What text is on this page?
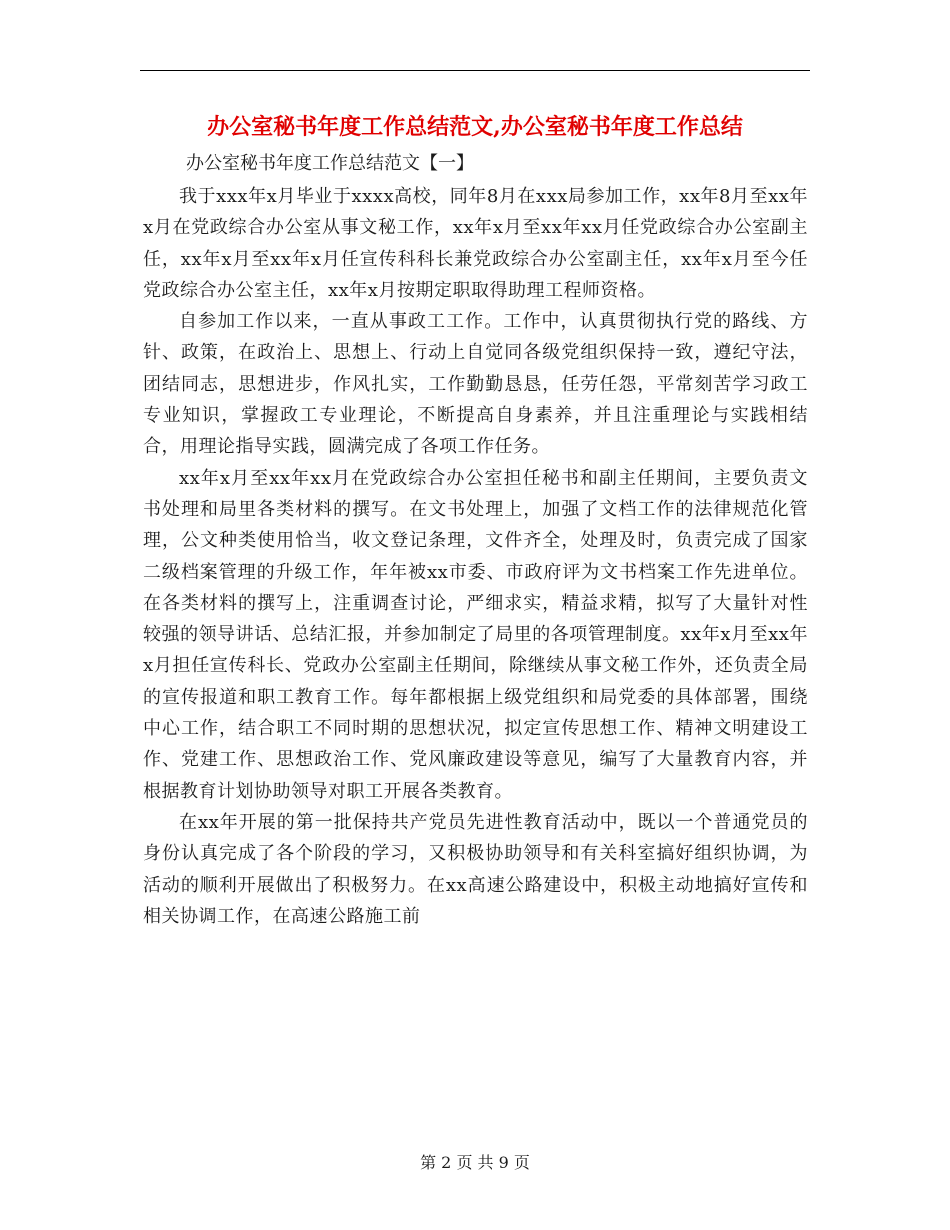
办公室秘书年度工作总结范文,办公室秘书年度工作总结
办公室秘书年度工作总结范文【一】

我于xxx年x月毕业于xxxx高校，同年8月在xxx局参加工作，xx年8月至xx年x月在党政综合办公室从事文秘工作，xx年x月至xx年xx月任党政综合办公室副主任，xx年x月至xx年x月任宣传科科长兼党政综合办公室副主任，xx年x月至今任党政综合办公室主任，xx年x月按期定职取得助理工程师资格。

自参加工作以来，一直从事政工工作。工作中，认真贯彻执行党的路线、方针、政策，在政治上、思想上、行动上自觉同各级党组织保持一致，遵纪守法，团结同志，思想进步，作风扎实，工作勤勤恳恳，任劳任怨，平常刻苦学习政工专业知识，掌握政工专业理论，不断提高自身素养，并且注重理论与实践相结合，用理论指导实践，圆满完成了各项工作任务。

xx年x月至xx年xx月在党政综合办公室担任秘书和副主任期间，主要负责文书处理和局里各类材料的撰写。在文书处理上，加强了文档工作的法律规范化管理，公文种类使用恰当，收文登记条理，文件齐全，处理及时，负责完成了国家二级档案管理的升级工作，年年被xx市委、市政府评为文书档案工作先进单位。在各类材料的撰写上，注重调查讨论，严细求实，精益求精，拟写了大量针对性较强的领导讲话、总结汇报，并参加制定了局里的各项管理制度。xx年x月至xx年x月担任宣传科长、党政办公室副主任期间，除继续从事文秘工作外，还负责全局的宣传报道和职工教育工作。每年都根据上级党组织和局党委的具体部署，围绕中心工作，结合职工不同时期的思想状况，拟定宣传思想工作、精神文明建设工作、党建工作、思想政治工作、党风廉政建设等意见，编写了大量教育内容，并根据教育计划协助领导对职工开展各类教育。

在xx年开展的第一批保持共产党员先进性教育活动中，既以一个普通党员的身份认真完成了各个阶段的学习，又积极协助领导和有关科室搞好组织协调，为活动的顺利开展做出了积极努力。在xx高速公路建设中，积极主动地搞好宣传和相关协调工作，在高速公路施工前

第 2 页 共 9 页
